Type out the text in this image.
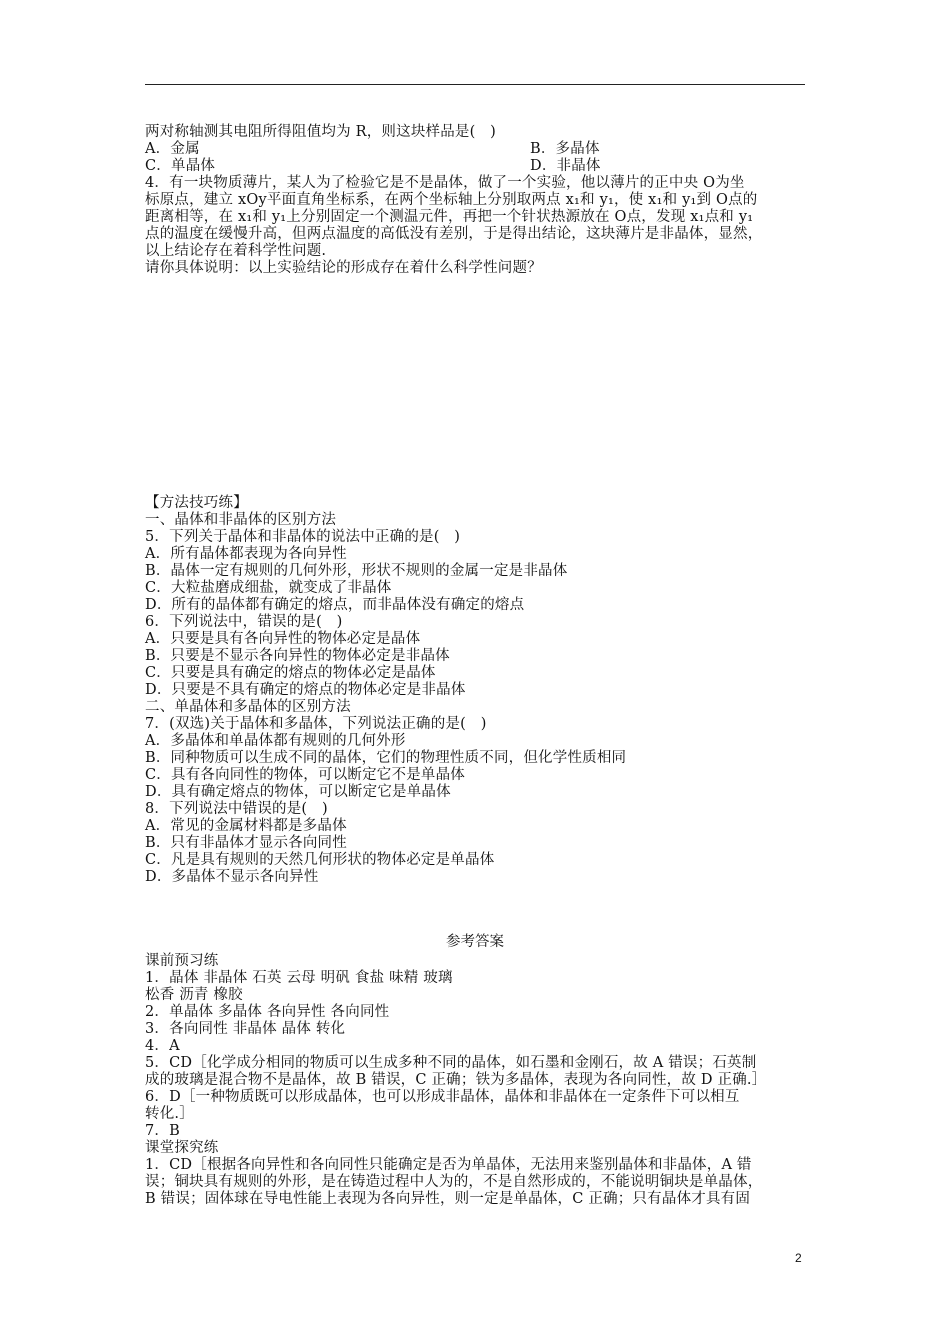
两对称轴测其电阻所得阻值均为 R，则这块样品是(　)
A．金属	B．多晶体
C．单晶体	D．非晶体
4．有一块物质薄片，某人为了检验它是不是晶体，做了一个实验，他以薄片的正中央 O为坐
标原点，建立 xOy平面直角坐标系，在两个坐标轴上分别取两点 x₁和 y₁，使 x₁和 y₁到 O点的
距离相等，在 x₁和 y₁上分别固定一个测温元件，再把一个针状热源放在 O点，发现 x₁点和 y₁
点的温度在缓慢升高，但两点温度的高低没有差别，于是得出结论，这块薄片是非晶体，显然，
以上结论存在着科学性问题.
请你具体说明：以上实验结论的形成存在着什么科学性问题？
【方法技巧练】
一、晶体和非晶体的区别方法
5．下列关于晶体和非晶体的说法中正确的是(　)
A．所有晶体都表现为各向异性
B．晶体一定有规则的几何外形，形状不规则的金属一定是非晶体
C．大粒盐磨成细盐，就变成了非晶体
D．所有的晶体都有确定的熔点，而非晶体没有确定的熔点
6．下列说法中，错误的是(　)
A．只要是具有各向异性的物体必定是晶体
B．只要是不显示各向异性的物体必定是非晶体
C．只要是具有确定的熔点的物体必定是晶体
D．只要是不具有确定的熔点的物体必定是非晶体
二、单晶体和多晶体的区别方法
7．(双选)关于晶体和多晶体，下列说法正确的是(　)
A．多晶体和单晶体都有规则的几何外形
B．同种物质可以生成不同的晶体，它们的物理性质不同，但化学性质相同
C．具有各向同性的物体，可以断定它不是单晶体
D．具有确定熔点的物体，可以断定它是单晶体
8．下列说法中错误的是(　)
A．常见的金属材料都是多晶体
B．只有非晶体才显示各向同性
C．凡是具有规则的天然几何形状的物体必定是单晶体
D．多晶体不显示各向异性
参考答案
课前预习练
1．晶体 非晶体 石英 云母 明矾 食盐 味精 玻璃
松香 沥青 橡胶
2．单晶体 多晶体 各向异性 各向同性
3．各向同性 非晶体 晶体 转化
4．A
5．CD［化学成分相同的物质可以生成多种不同的晶体，如石墨和金刚石，故 A 错误；石英制
成的玻璃是混合物不是晶体，故 B 错误，C 正确；铁为多晶体，表现为各向同性，故 D 正确.］
6．D［一种物质既可以形成晶体，也可以形成非晶体，晶体和非晶体在一定条件下可以相互
转化.］
7．B
课堂探究练
1．CD［根据各向异性和各向同性只能确定是否为单晶体，无法用来鉴别晶体和非晶体，A 错
误；铜块具有规则的外形，是在铸造过程中人为的，不是自然形成的，不能说明铜块是单晶体，
B 错误；固体球在导电性能上表现为各向异性，则一定是单晶体，C 正确；只有晶体才具有固
2
